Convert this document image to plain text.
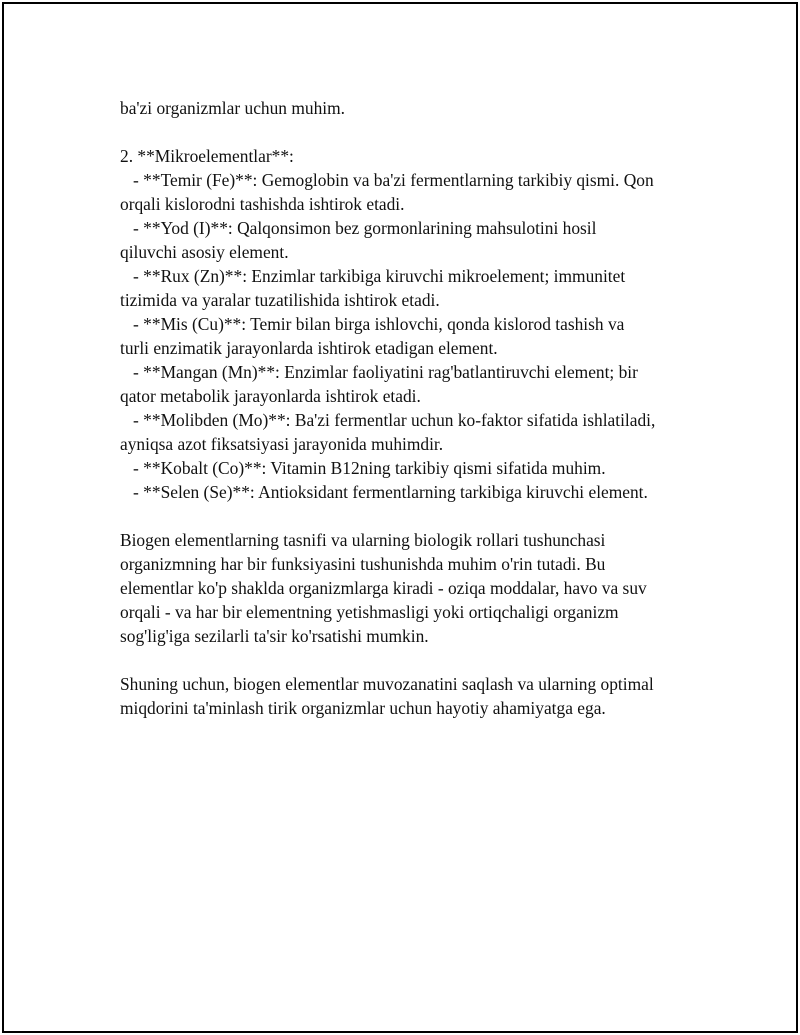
ba'zi organizmlar uchun muhim.
2. **Mikroelementlar**:
- **Temir (Fe)**: Gemoglobin va ba'zi fermentlarning tarkibiy qismi. Qon
orqali kislorodni tashishda ishtirok etadi.
- **Yod (I)**: Qalqonsimon bez gormonlarining mahsulotini hosil
qiluvchi asosiy element.
- **Rux (Zn)**: Enzimlar tarkibiga kiruvchi mikroelement; immunitet
tizimida va yaralar tuzatilishida ishtirok etadi.
- **Mis (Cu)**: Temir bilan birga ishlovchi, qonda kislorod tashish va
turli enzimatik jarayonlarda ishtirok etadigan element.
- **Mangan (Mn)**: Enzimlar faoliyatini rag'batlantiruvchi element; bir
qator metabolik jarayonlarda ishtirok etadi.
- **Molibden (Mo)**: Ba'zi fermentlar uchun ko-faktor sifatida ishlatiladi,
ayniqsa azot fiksatsiyasi jarayonida muhimdir.
- **Kobalt (Co)**: Vitamin B12ning tarkibiy qismi sifatida muhim.
- **Selen (Se)**: Antioksidant fermentlarning tarkibiga kiruvchi element.
Biogen elementlarning tasnifi va ularning biologik rollari tushunchasi
organizmning har bir funksiyasini tushunishda muhim o'rin tutadi. Bu
elementlar ko'p shaklda organizmlarga kiradi - oziqa moddalar, havo va suv
orqali - va har bir elementning yetishmasligi yoki ortiqchaligi organizm
sog'lig'iga sezilarli ta'sir ko'rsatishi mumkin.
Shuning uchun, biogen elementlar muvozanatini saqlash va ularning optimal
miqdorini ta'minlash tirik organizmlar uchun hayotiy ahamiyatga ega.
